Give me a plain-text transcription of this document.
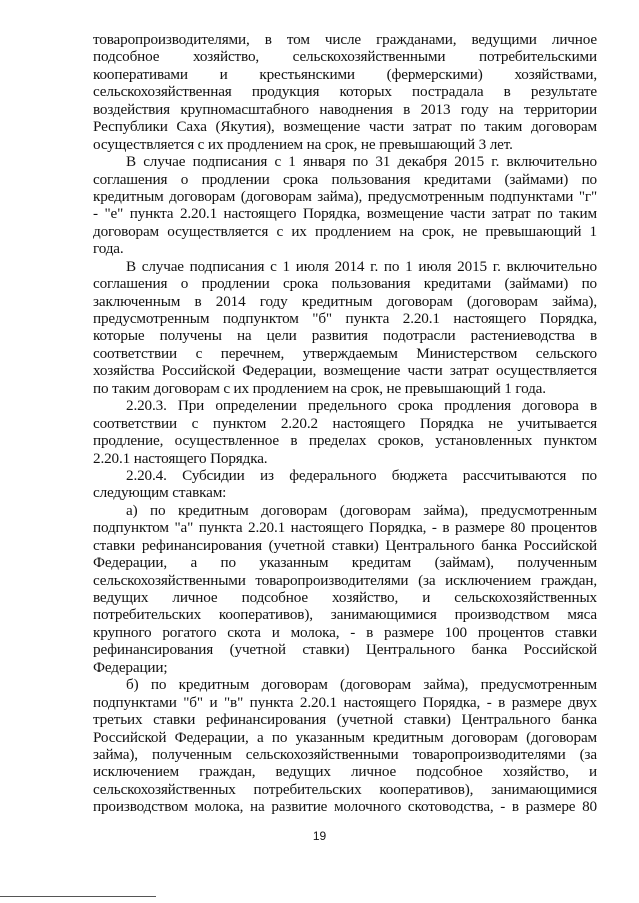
товаропроизводителями, в том числе гражданами, ведущими личное
подсобное хозяйство, сельскохозяйственными потребительскими
кооперативами и крестьянскими (фермерскими) хозяйствами,
сельскохозяйственная продукция которых пострадала в результате
воздействия крупномасштабного наводнения в 2013 году на территории
Республики Саха (Якутия), возмещение части затрат по таким договорам
осуществляется с их продлением на срок, не превышающий 3 лет.
В случае подписания с 1 января по 31 декабря 2015 г. включительно
соглашения о продлении срока пользования кредитами (займами) по
кредитным договорам (договорам займа), предусмотренным подпунктами "г"
- "е" пункта 2.20.1 настоящего Порядка, возмещение части затрат по таким
договорам осуществляется с их продлением на срок, не превышающий 1
года.
В случае подписания с 1 июля 2014 г. по 1 июля 2015 г. включительно
соглашения о продлении срока пользования кредитами (займами) по
заключенным в 2014 году кредитным договорам (договорам займа),
предусмотренным подпунктом "б" пункта 2.20.1 настоящего Порядка,
которые получены на цели развития подотрасли растениеводства в
соответствии с перечнем, утверждаемым Министерством сельского
хозяйства Российской Федерации, возмещение части затрат осуществляется
по таким договорам с их продлением на срок, не превышающий 1 года.
2.20.3. При определении предельного срока продления договора в
соответствии с пунктом 2.20.2 настоящего Порядка не учитывается
продление, осуществленное в пределах сроков, установленных пунктом
2.20.1 настоящего Порядка.
2.20.4. Субсидии из федерального бюджета рассчитываются по
следующим ставкам:
а) по кредитным договорам (договорам займа), предусмотренным
подпунктом "а" пункта 2.20.1 настоящего Порядка, - в размере 80 процентов
ставки рефинансирования (учетной ставки) Центрального банка Российской
Федерации, а по указанным кредитам (займам), полученным
сельскохозяйственными товаропроизводителями (за исключением граждан,
ведущих личное подсобное хозяйство, и сельскохозяйственных
потребительских кооперативов), занимающимися производством мяса
крупного рогатого скота и молока, - в размере 100 процентов ставки
рефинансирования (учетной ставки) Центрального банка Российской
Федерации;
б) по кредитным договорам (договорам займа), предусмотренным
подпунктами "б" и "в" пункта 2.20.1 настоящего Порядка, - в размере двух
третьих ставки рефинансирования (учетной ставки) Центрального банка
Российской Федерации, а по указанным кредитным договорам (договорам
займа), полученным сельскохозяйственными товаропроизводителями (за
исключением граждан, ведущих личное подсобное хозяйство, и
сельскохозяйственных потребительских кооперативов), занимающимися
производством молока, на развитие молочного скотоводства, - в размере 80
19
